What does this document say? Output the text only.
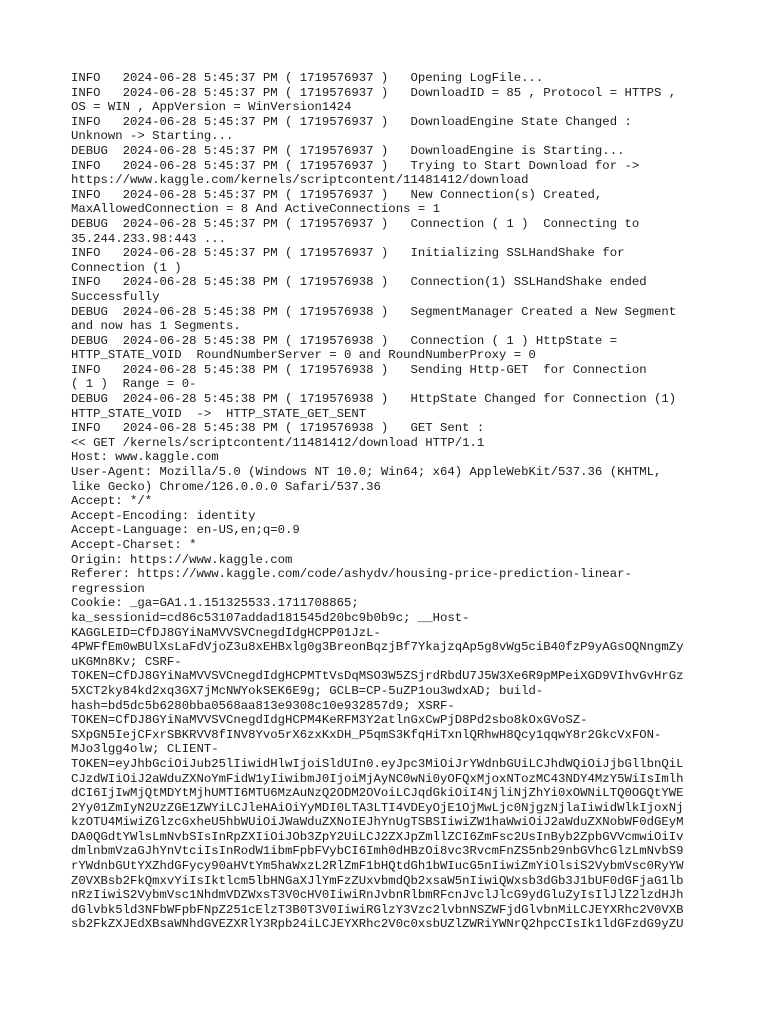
INFO   2024-06-28 5:45:37 PM ( 1719576937 )   Opening LogFile...
INFO   2024-06-28 5:45:37 PM ( 1719576937 )   DownloadID = 85 , Protocol = HTTPS ,
OS = WIN , AppVersion = WinVersion1424
INFO   2024-06-28 5:45:37 PM ( 1719576937 )   DownloadEngine State Changed :
Unknown -> Starting...
DEBUG  2024-06-28 5:45:37 PM ( 1719576937 )   DownloadEngine is Starting...
INFO   2024-06-28 5:45:37 PM ( 1719576937 )   Trying to Start Download for ->
https://www.kaggle.com/kernels/scriptcontent/11481412/download
INFO   2024-06-28 5:45:37 PM ( 1719576937 )   New Connection(s) Created,
MaxAllowedConnection = 8 And ActiveConnections = 1
DEBUG  2024-06-28 5:45:37 PM ( 1719576937 )   Connection ( 1 )  Connecting to
35.244.233.98:443 ...
INFO   2024-06-28 5:45:37 PM ( 1719576937 )   Initializing SSLHandShake for
Connection (1 )
INFO   2024-06-28 5:45:38 PM ( 1719576938 )   Connection(1) SSLHandShake ended
Successfully
DEBUG  2024-06-28 5:45:38 PM ( 1719576938 )   SegmentManager Created a New Segment
and now has 1 Segments.
DEBUG  2024-06-28 5:45:38 PM ( 1719576938 )   Connection ( 1 ) HttpState =
HTTP_STATE_VOID  RoundNumberServer = 0 and RoundNumberProxy = 0
INFO   2024-06-28 5:45:38 PM ( 1719576938 )   Sending Http-GET  for Connection
( 1 )  Range = 0-
DEBUG  2024-06-28 5:45:38 PM ( 1719576938 )   HttpState Changed for Connection (1)
HTTP_STATE_VOID  ->  HTTP_STATE_GET_SENT
INFO   2024-06-28 5:45:38 PM ( 1719576938 )   GET Sent :
<< GET /kernels/scriptcontent/11481412/download HTTP/1.1
Host: www.kaggle.com
User-Agent: Mozilla/5.0 (Windows NT 10.0; Win64; x64) AppleWebKit/537.36 (KHTML,
like Gecko) Chrome/126.0.0.0 Safari/537.36
Accept: */*
Accept-Encoding: identity
Accept-Language: en-US,en;q=0.9
Accept-Charset: *
Origin: https://www.kaggle.com
Referer: https://www.kaggle.com/code/ashydv/housing-price-prediction-linear-
regression
Cookie: _ga=GA1.1.151325533.1711708865;
ka_sessionid=cd86c53107addad181545d20bc9b0b9c; __Host-
KAGGLEID=CfDJ8GYiNaMVVSVCnegdIdgHCPP01JzL-
4PWFfEm0wBUlXsLaFdVjoZ3u8xEHBxlg0g3BreonBqzjBf7YkajzqAp5g8vWg5ciB40fzP9yAGsOQNngmZy
uKGMn8Kv; CSRF-
TOKEN=CfDJ8GYiNaMVVSVCnegdIdgHCPMTtVsDqMSO3W5ZSjrdRbdU7J5W3Xe6R9pMPeiXGD9VIhvGvHrGz
5XCT2ky84kd2xq3GX7jMcNWYokSEK6E9g; GCLB=CP-5uZP1ou3wdxAD; build-
hash=bd5dc5b6280bba0568aa813e9308c10e932857d9; XSRF-
TOKEN=CfDJ8GYiNaMVVSVCnegdIdgHCPM4KeRFM3Y2atlnGxCwPjD8Pd2sbo8kOxGVoSZ-
SXpGN5IejCFxrSBKRVV8fINV8Yvo5rX6zxKxDH_P5qmS3KfqHiTxnlQRhwH8Qcy1qqwY8r2GkcVxFON-
MJo3lgg4olw; CLIENT-
TOKEN=eyJhbGciOiJub25lIiwidHlwIjoiSldUIn0.eyJpc3MiOiJrYWdnbGUiLCJhdWQiOiJjbGllbnQiL
CJzdWIiOiJ2aWduZXNoYmFidW1yIiwibmJ0IjoiMjAyNC0wNi0yOFQxMjoxNTozMC43NDY4MzY5WiIsImlh
dCI6IjIwMjQtMDYtMjhUMTI6MTU6MzAuNzQ2ODM2OVoiLCJqdGkiOiI4NjliNjZhYi0xOWNiLTQ0OGQtYWE
2Yy01ZmIyN2UzZGE1ZWYiLCJleHAiOiYyMDI0LTA3LTI4VDEyOjE1OjMwLjc0NjgzNjlaIiwidWlkIjoxNj
kzOTU4MiwiZGlzcGxheU5hbWUiOiJWaWduZXNoIEJhYnUgTSBSIiwiZW1haWwiOiJ2aWduZXNobWF0dGEyM
DA0QGdtYWlsLmNvbSIsInRpZXIiOiJOb3ZpY2UiLCJ2ZXJpZmllZCI6ZmFsc2UsInByb2ZpbGVVcmwiOiIv
dmlnbmVzaGJhYnVtciIsInRodW1ibmFpbFVybCI6Imh0dHBzOi8vc3RvcmFnZS5nb29nbGVhcGlzLmNvbS9
rYWdnbGUtYXZhdGFycy90aHVtYm5haWxzL2RlZmF1bHQtdGh1bWIucG5nIiwiZmYiOlsiS2VybmVsc0RyYW
Z0VXBsb2FkQmxvYiIsIktlcm5lbHNGaXJlYmFzZUxvbmdQb2xsaW5nIiwiQWxsb3dGb3J1bUF0dGFjaG1lb
nRzIiwiS2VybmVsc1NhdmVDZWxsT3V0cHV0IiwiRnJvbnRlbmRFcnJvclJlcG9ydGluZyIsIlJlZ2lzdHJh
dGlvbk5ld3NFbWFpbFNpZ251cElzT3B0T3V0IiwiRGlzY3Vzc2lvbnNSZWFjdGlvbnMiLCJEYXRhc2V0VXB
sb2FkZXJEdXBsaWNhdGVEZXRlY3Rpb24iLCJEYXRhc2V0c0xsbUZlZWRiYWNrQ2hpcCIsIk1ldGFzdG9yZU
